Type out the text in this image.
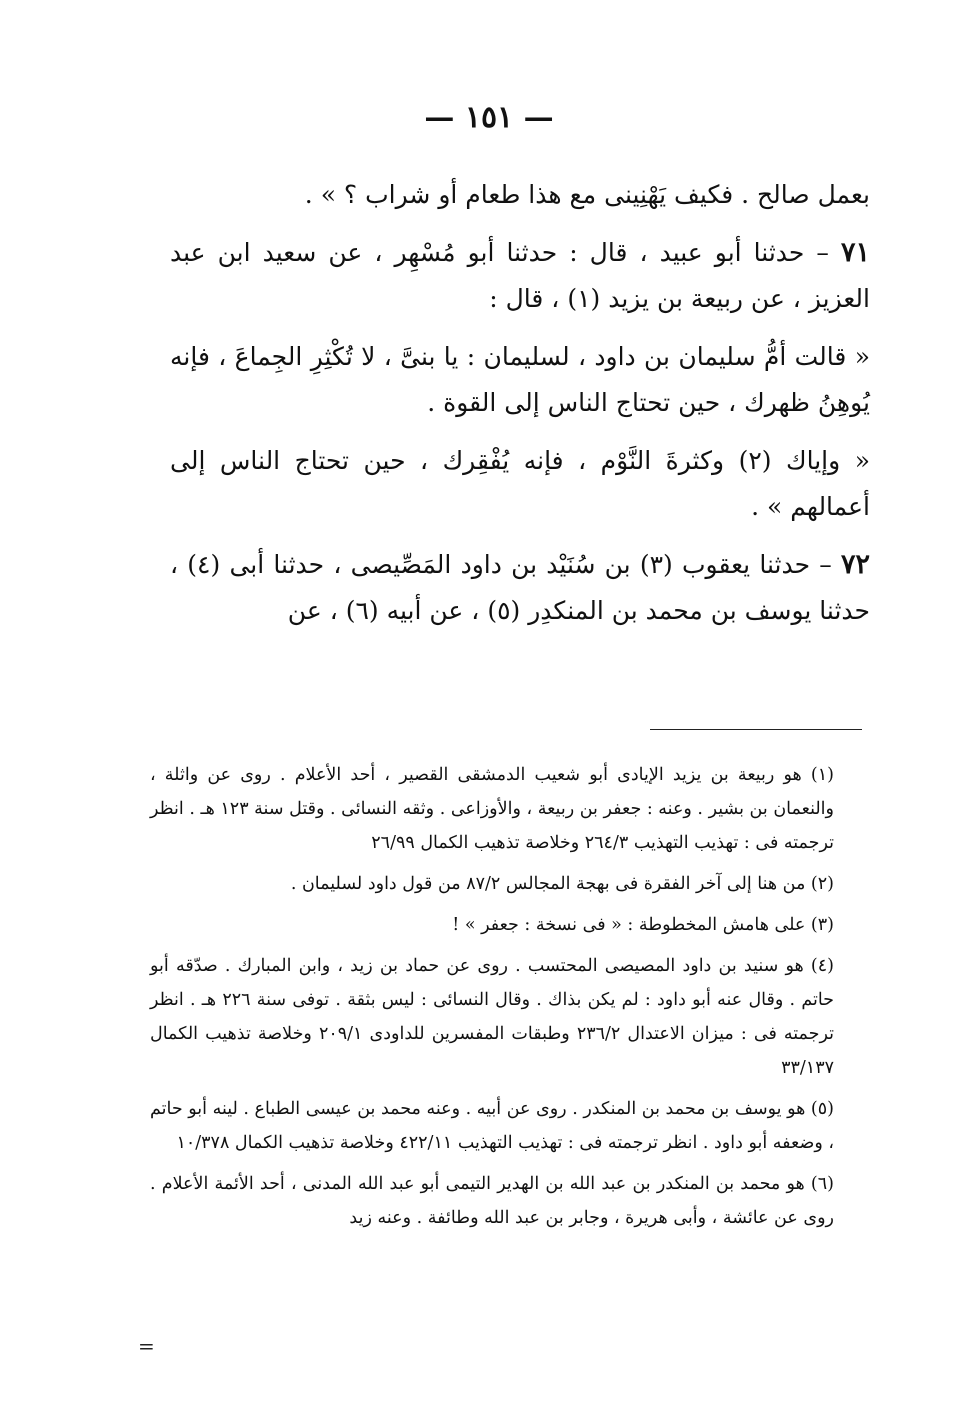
— ١٥١ —

بعمل صالح . فكيف يَهْنِينى مع هذا طعام أو شراب ؟ » .

٧١ – حدثنا أبو عبيد ، قال : حدثنا أبو مُسْهِر ، عن سعيد ابن عبد العزيز ، عن ربيعة بن يزيد (١) ، قال :

« قالت أمُّ سليمان بن داود ، لسليمان : يا بنىَّ ، لا تُكْثِرِ الجِماعَ ، فإنه يُوهِنُ ظهرك ، حين تحتاج الناس إلى القوة .

« وإياك (٢) وكثرةَ النَّوْم ، فإنه يُفْقِرك ، حين تحتاج الناس إلى أعمالهم » .

٧٢ – حدثنا يعقوب (٣) بن سُنَيْد بن داود المَصِّيصى ، حدثنا أبى (٤) ، حدثنا يوسف بن محمد بن المنكدِر (٥) ، عن أبيه (٦) ، عن

(١) هو ربيعة بن يزيد الإيادى أبو شعيب الدمشقى القصير ، أحد الأعلام . روى عن واثلة ، والنعمان بن بشير . وعنه : جعفر بن ربيعة ، والأوزاعى . وثقه النسائى . وقتل سنة ١٢٣ هـ . انظر ترجمته فى : تهذيب التهذيب ٢٦٤/٣ وخلاصة تذهيب الكمال ٢٦/٩٩

(٢) من هنا إلى آخر الفقرة فى بهجة المجالس ٨٧/٢ من قول داود لسليمان .

(٣) على هامش المخطوطة : « فى نسخة : جعفر » !

(٤) هو سنيد بن داود المصيصى المحتسب . روى عن حماد بن زيد ، وابن المبارك . صدّقه أبو حاتم . وقال عنه أبو داود : لم يكن بذاك . وقال النسائى : ليس بثقة . توفى سنة ٢٢٦ هـ . انظر ترجمته فى : ميزان الاعتدال ٢٣٦/٢ وطبقات المفسرين للداودى ٢٠٩/١ وخلاصة تذهيب الكمال ٣٣/١٣٧

(٥) هو يوسف بن محمد بن المنكدر . روى عن أبيه . وعنه محمد بن عيسى الطباع . لينه أبو حاتم ، وضعفه أبو داود . انظر ترجمته فى : تهذيب التهذيب ٤٢٢/١١ وخلاصة تذهيب الكمال ١٠/٣٧٨

(٦) هو محمد بن المنكدر بن عبد الله بن الهدير التيمى أبو عبد الله المدنى ، أحد الأئمة الأعلام . روى عن عائشة ، وأبى هريرة ، وجابر بن عبد الله وطائفة . وعنه زيد

=
